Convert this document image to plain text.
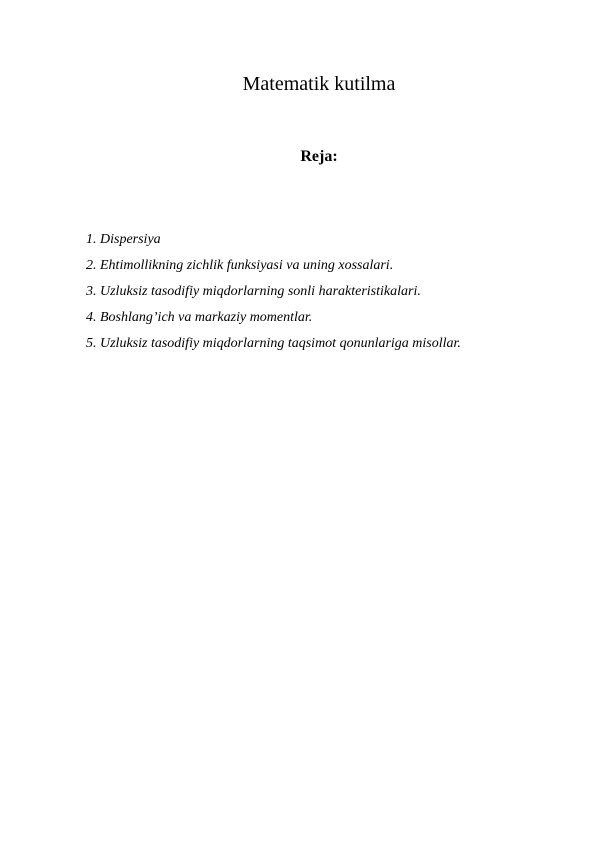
Matematik kutilma
Reja:
1. Dispersiya
2. Ehtimollikning zichlik funksiyasi va uning xossalari.
3. Uzluksiz tasodifiy miqdorlarning sonli harakteristikalari.
4. Boshlang’ich va markaziy momentlar.
5. Uzluksiz tasodifiy miqdorlarning taqsimot qonunlariga misollar.
